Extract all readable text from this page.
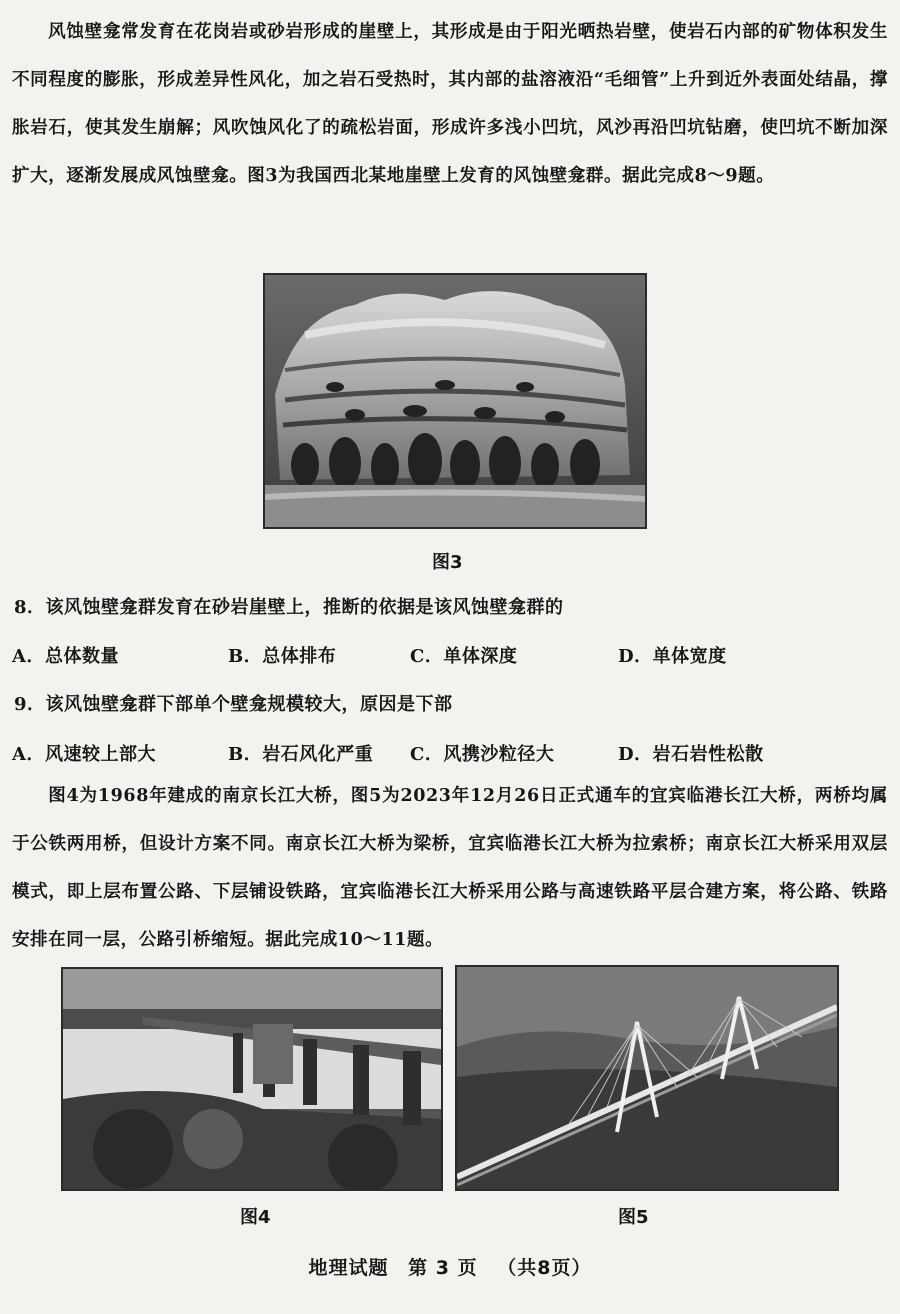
风蚀壁龛常发育在花岗岩或砂岩形成的崖壁上，其形成是由于阳光晒热岩壁，使岩石内部的矿物体积发生不同程度的膨胀，形成差异性风化，加之岩石受热时，其内部的盐溶液沿“毛细管”上升到近外表面处结晶，撑胀岩石，使其发生崩解；风吹蚀风化了的疏松岩面，形成许多浅小凹坑，风沙再沿凹坑钻磨，使凹坑不断加深扩大，逐渐发展成风蚀壁龛。图3为我国西北某地崖壁上发育的风蚀壁龛群。据此完成8～9题。

图3
8．该风蚀壁龛群发育在砂岩崖壁上，推断的依据是该风蚀壁龛群的
A．总体数量	B．总体排布	C．单体深度	D．单体宽度
9．该风蚀壁龛群下部单个壁龛规模较大，原因是下部
A．风速较上部大	B．岩石风化严重 C．风携沙粒径大	D．岩石岩性松散

图4为1968年建成的南京长江大桥，图5为2023年12月26日正式通车的宜宾临港长江大桥，两桥均属于公铁两用桥，但设计方案不同。南京长江大桥为梁桥，宜宾临港长江大桥为拉索桥；南京长江大桥采用双层模式，即上层布置公路、下层铺设铁路，宜宾临港长江大桥采用公路与高速铁路平层合建方案，将公路、铁路安排在同一层，公路引桥缩短。据此完成10～11题。

图4	图5
地理试题 第 3 页 （共8页）
